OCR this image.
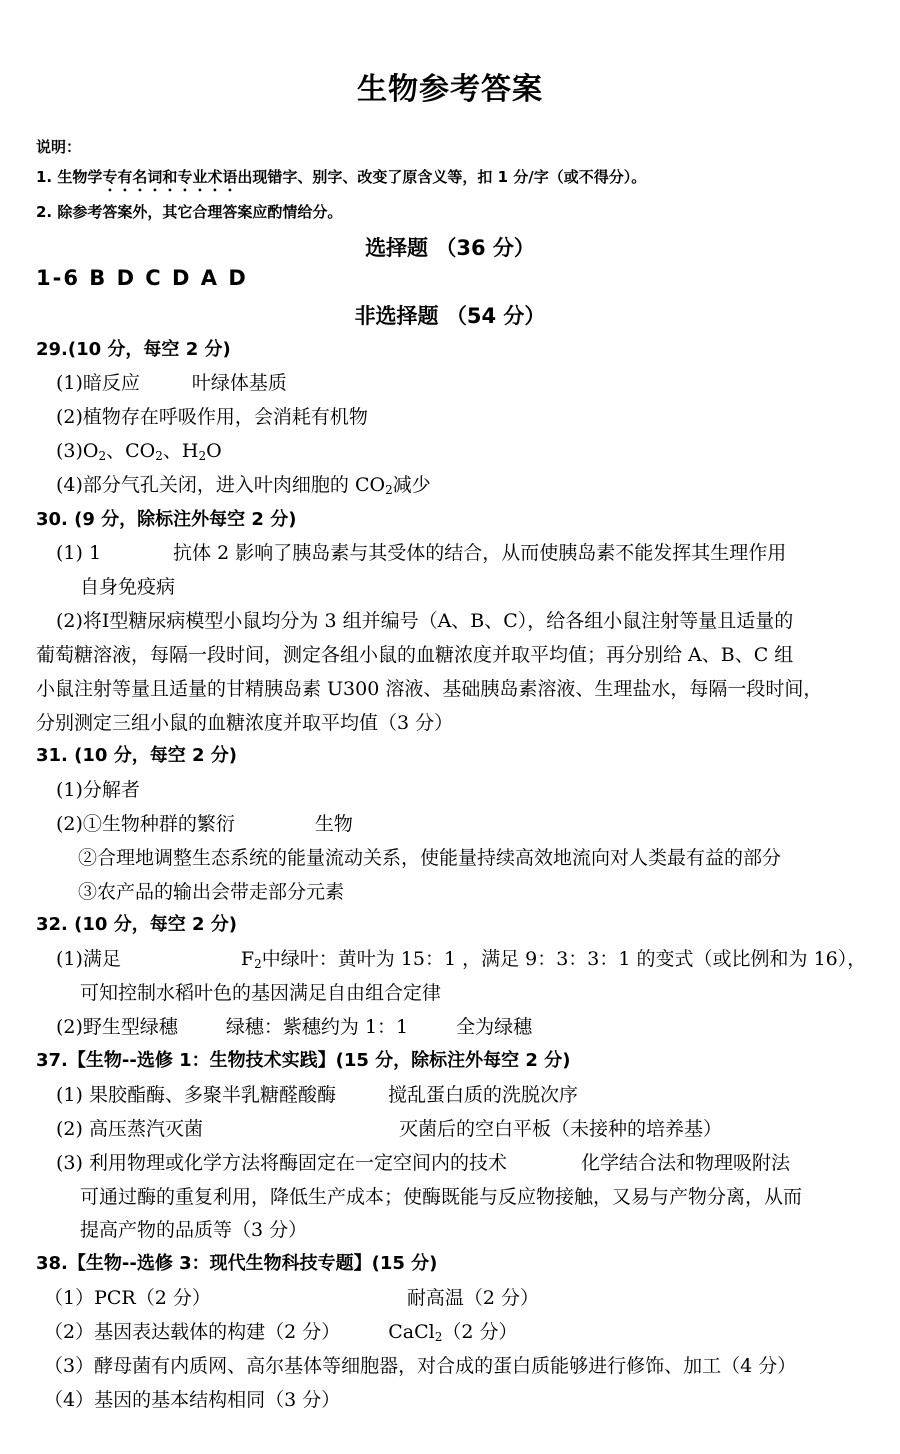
生物参考答案
说明：
1. 生物学专有名词和专业术语出现错字、别字、改变了原含义等，扣 1 分/字（或不得分）。
2. 除参考答案外，其它合理答案应酌情给分。
选择题 （36 分）
1-6 B D C D A D
非选择题 （54 分）
29.(10 分，每空 2 分)
(1)暗反应	叶绿体基质
(2)植物存在呼吸作用，会消耗有机物
$(3)O_2$、$CO_2$、$H_2O$
(4)部分气孔关闭，进入叶肉细胞的 $CO_2$减少
30. (9 分，除标注外每空 2 分)
(1) 1	抗体 2 影响了胰岛素与其受体的结合，从而使胰岛素不能发挥其生理作用
自身免疫病
(2)将Ⅰ型糖尿病模型小鼠均分为 3 组并编号（A、B、C），给各组小鼠注射等量且适量的
葡萄糖溶液，每隔一段时间，测定各组小鼠的血糖浓度并取平均值；再分别给 A、B、C 组
小鼠注射等量且适量的甘精胰岛素 U300 溶液、基础胰岛素溶液、生理盐水，每隔一段时间，
分别测定三组小鼠的血糖浓度并取平均值（3 分）
31. (10 分，每空 2 分)
(1)分解者
(2)①生物种群的繁衍	生物
②合理地调整生态系统的能量流动关系，使能量持续高效地流向对人类最有益的部分
③农产品的输出会带走部分元素
32. (10 分，每空 2 分)
(1)满足	$F_2$中绿叶：黄叶为 15：1 ，满足 9：3：3：1 的变式（或比例和为 16），
可知控制水稻叶色的基因满足自由组合定律
(2)野生型绿穗	绿穗：紫穗约为 1：1	全为绿穗
37.【生物--选修 1：生物技术实践】(15 分，除标注外每空 2 分)
(1) 果胶酯酶、多聚半乳糖醛酸酶	搅乱蛋白质的洗脱次序
(2) 高压蒸汽灭菌	灭菌后的空白平板（未接种的培养基）
(3) 利用物理或化学方法将酶固定在一定空间内的技术	化学结合法和物理吸附法
可通过酶的重复利用，降低生产成本；使酶既能与反应物接触，又易与产物分离，从而
提高产物的品质等（3 分）
38.【生物--选修 3：现代生物科技专题】(15 分)
（1）PCR（2 分）	耐高温（2 分）
（2）基因表达载体的构建（2 分）	CaCl$_2$（2 分）
（3）酵母菌有内质网、高尔基体等细胞器，对合成的蛋白质能够进行修饰、加工（4 分）
（4）基因的基本结构相同（3 分）
